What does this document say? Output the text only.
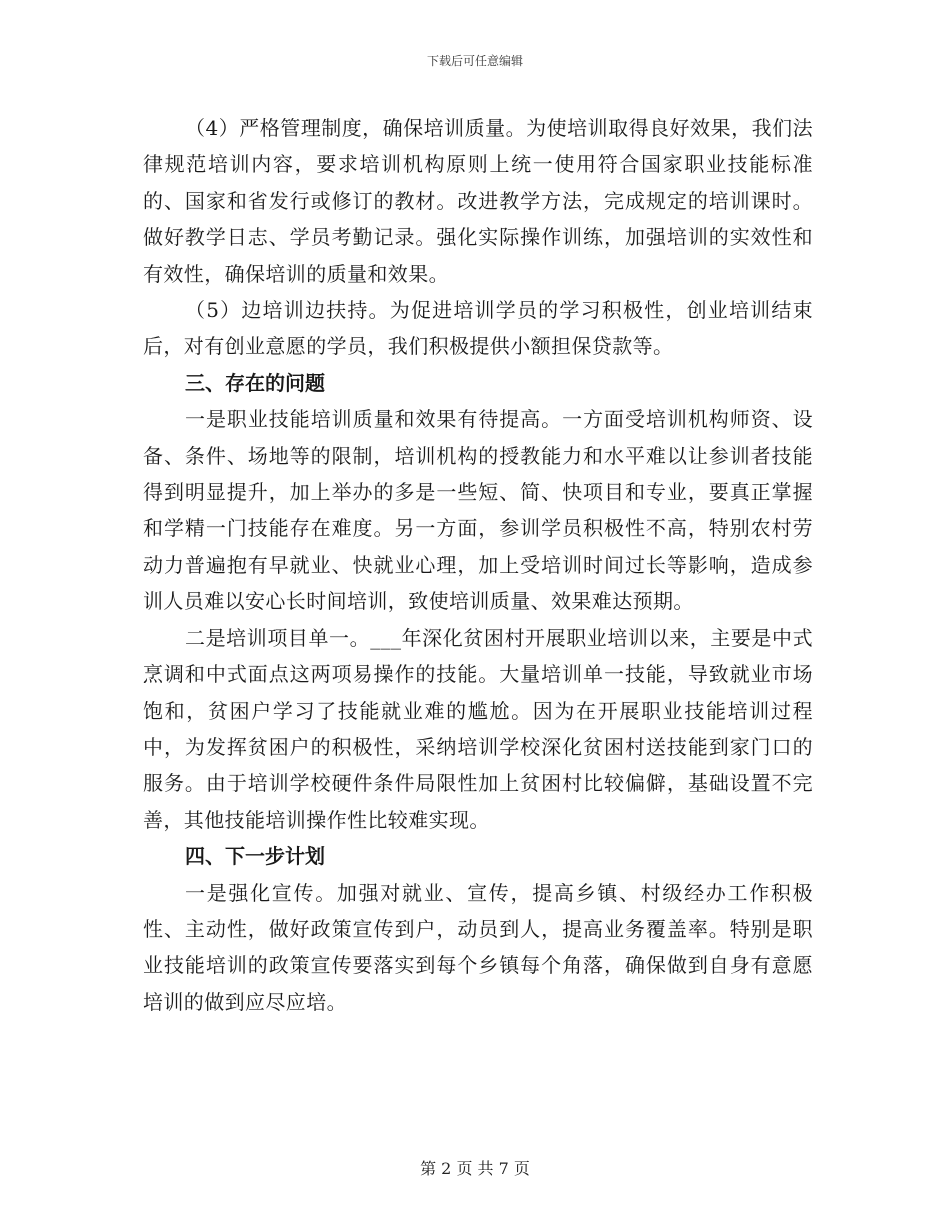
下载后可任意编辑

（4）严格管理制度，确保培训质量。为使培训取得良好效果，我们法律规范培训内容，要求培训机构原则上统一使用符合国家职业技能标准的、国家和省发行或修订的教材。改进教学方法，完成规定的培训课时。做好教学日志、学员考勤记录。强化实际操作训练，加强培训的实效性和有效性，确保培训的质量和效果。

（5）边培训边扶持。为促进培训学员的学习积极性，创业培训结束后，对有创业意愿的学员，我们积极提供小额担保贷款等。

三、存在的问题

一是职业技能培训质量和效果有待提高。一方面受培训机构师资、设备、条件、场地等的限制，培训机构的授教能力和水平难以让参训者技能得到明显提升，加上举办的多是一些短、简、快项目和专业，要真正掌握和学精一门技能存在难度。另一方面，参训学员积极性不高，特别农村劳动力普遍抱有早就业、快就业心理，加上受培训时间过长等影响，造成参训人员难以安心长时间培训，致使培训质量、效果难达预期。

二是培训项目单一。___年深化贫困村开展职业培训以来，主要是中式烹调和中式面点这两项易操作的技能。大量培训单一技能，导致就业市场饱和，贫困户学习了技能就业难的尴尬。因为在开展职业技能培训过程中，为发挥贫困户的积极性，采纳培训学校深化贫困村送技能到家门口的服务。由于培训学校硬件条件局限性加上贫困村比较偏僻，基础设置不完善，其他技能培训操作性比较难实现。

四、下一步计划

一是强化宣传。加强对就业、宣传，提高乡镇、村级经办工作积极性、主动性，做好政策宣传到户，动员到人，提高业务覆盖率。特别是职业技能培训的政策宣传要落实到每个乡镇每个角落，确保做到自身有意愿培训的做到应尽应培。

第 2 页 共 7 页
